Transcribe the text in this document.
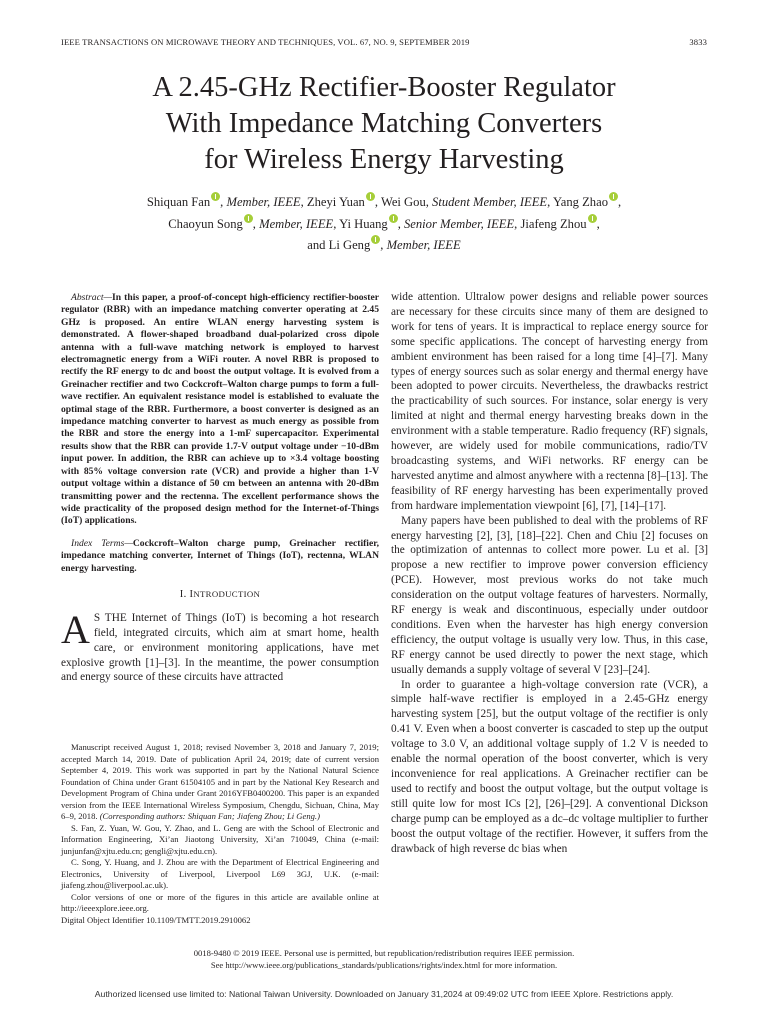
IEEE TRANSACTIONS ON MICROWAVE THEORY AND TECHNIQUES, VOL. 67, NO. 9, SEPTEMBER 2019	3833
A 2.45-GHz Rectifier-Booster Regulator
With Impedance Matching Converters
for Wireless Energy Harvesting
Shiquan Fan , Member, IEEE, Zheyi Yuan , Wei Gou, Student Member, IEEE, Yang Zhao ,
Chaoyun Song , Member, IEEE, Yi Huang , Senior Member, IEEE, Jiafeng Zhou ,
and Li Geng , Member, IEEE

Abstract—In this paper, a proof-of-concept high-efficiency rectifier-booster regulator (RBR) with an impedance matching converter operating at 2.45 GHz is proposed. An entire WLAN energy harvesting system is demonstrated. A flower-shaped broadband dual-polarized cross dipole antenna with a full-wave matching network is employed to harvest electromagnetic energy from a WiFi router. A novel RBR is proposed to rectify the RF energy to dc and boost the output voltage. It is evolved from a Greinacher rectifier and two Cockcroft–Walton charge pumps to form a full-wave rectifier. An equivalent resistance model is established to evaluate the optimal stage of the RBR. Furthermore, a boost converter is designed as an impedance matching converter to harvest as much energy as possible from the RBR and store the energy into a 1-mF supercapacitor. Experimental results show that the RBR can provide 1.7-V output voltage under −10-dBm input power. In addition, the RBR can achieve up to ×3.4 voltage boosting with 85% voltage conversion rate (VCR) and provide a higher than 1-V output voltage within a distance of 50 cm between an antenna with 20-dBm transmitting power and the rectenna. The excellent performance shows the wide practicality of the proposed design method for the Internet-of-Things (IoT) applications.

Index Terms—Cockcroft–Walton charge pump, Greinacher rectifier, impedance matching converter, Internet of Things (IoT), rectenna, WLAN energy harvesting.

I. INTRODUCTION

A S THE Internet of Things (IoT) is becoming a hot research field, integrated circuits, which aim at smart home, health care, or environment monitoring applications, have met explosive growth [1]–[3]. In the meantime, the power consumption and energy source of these circuits have attracted

Manuscript received August 1, 2018; revised November 3, 2018 and January 7, 2019; accepted March 14, 2019. Date of publication April 24, 2019; date of current version September 4, 2019. This work was supported in part by the National Natural Science Foundation of China under Grant 61504105 and in part by the National Key Research and Development Program of China under Grant 2016YFB0400200. This paper is an expanded version from the IEEE International Wireless Symposium, Chengdu, Sichuan, China, May 6–9, 2018. (Corresponding authors: Shiquan Fan; Jiafeng Zhou; Li Geng.)

S. Fan, Z. Yuan, W. Gou, Y. Zhao, and L. Geng are with the School of Electronic and Information Engineering, Xi’an Jiaotong University, Xi’an 710049, China (e-mail: junjunfan@xjtu.edu.cn; gengli@xjtu.edu.cn).

C. Song, Y. Huang, and J. Zhou are with the Department of Electrical Engineering and Electronics, University of Liverpool, Liverpool L69 3GJ, U.K. (e-mail: jiafeng.zhou@liverpool.ac.uk).

Color versions of one or more of the figures in this article are available online at http://ieeexplore.ieee.org.

Digital Object Identifier 10.1109/TMTT.2019.2910062

wide attention. Ultralow power designs and reliable power sources are necessary for these circuits since many of them are designed to work for tens of years. It is impractical to replace energy source for some specific applications. The concept of harvesting energy from ambient environment has been raised for a long time [4]–[7]. Many types of energy sources such as solar energy and thermal energy have been adopted to power circuits. Nevertheless, the drawbacks restrict the practicability of such sources. For instance, solar energy is very limited at night and thermal energy harvesting breaks down in the environment with a stable temperature. Radio frequency (RF) signals, however, are widely used for mobile communications, radio/TV broadcasting systems, and WiFi networks. RF energy can be harvested anytime and almost anywhere with a rectenna [8]–[13]. The feasibility of RF energy harvesting has been experimentally proved from hardware implementation viewpoint [6], [7], [14]–[17].

Many papers have been published to deal with the problems of RF energy harvesting [2], [3], [18]–[22]. Chen and Chiu [2] focuses on the optimization of antennas to collect more power. Lu et al. [3] propose a new rectifier to improve power conversion efficiency (PCE). However, most previous works do not take much consideration on the output voltage features of harvesters. Normally, RF energy is weak and discontinuous, especially under outdoor conditions. Even when the harvester has high energy conversion efficiency, the output voltage is usually very low. Thus, in this case, RF energy cannot be used directly to power the next stage, which usually demands a supply voltage of several V [23]–[24].

In order to guarantee a high-voltage conversion rate (VCR), a simple half-wave rectifier is employed in a 2.45-GHz energy harvesting system [25], but the output voltage of the rectifier is only 0.41 V. Even when a boost converter is cascaded to step up the output voltage to 3.0 V, an additional voltage supply of 1.2 V is needed to enable the normal operation of the boost converter, which is very inconvenience for real applications. A Greinacher rectifier can be used to rectify and boost the output voltage, but the output voltage is still quite low for most ICs [2], [26]–[29]. A conventional Dickson charge pump can be employed as a dc–dc voltage multiplier to further boost the output voltage of the rectifier. However, it suffers from the drawback of high reverse dc bias when

0018-9480 © 2019 IEEE. Personal use is permitted, but republication/redistribution requires IEEE permission.
See http://www.ieee.org/publications_standards/publications/rights/index.html for more information.
Authorized licensed use limited to: National Taiwan University. Downloaded on January 31,2024 at 09:49:02 UTC from IEEE Xplore. Restrictions apply.
